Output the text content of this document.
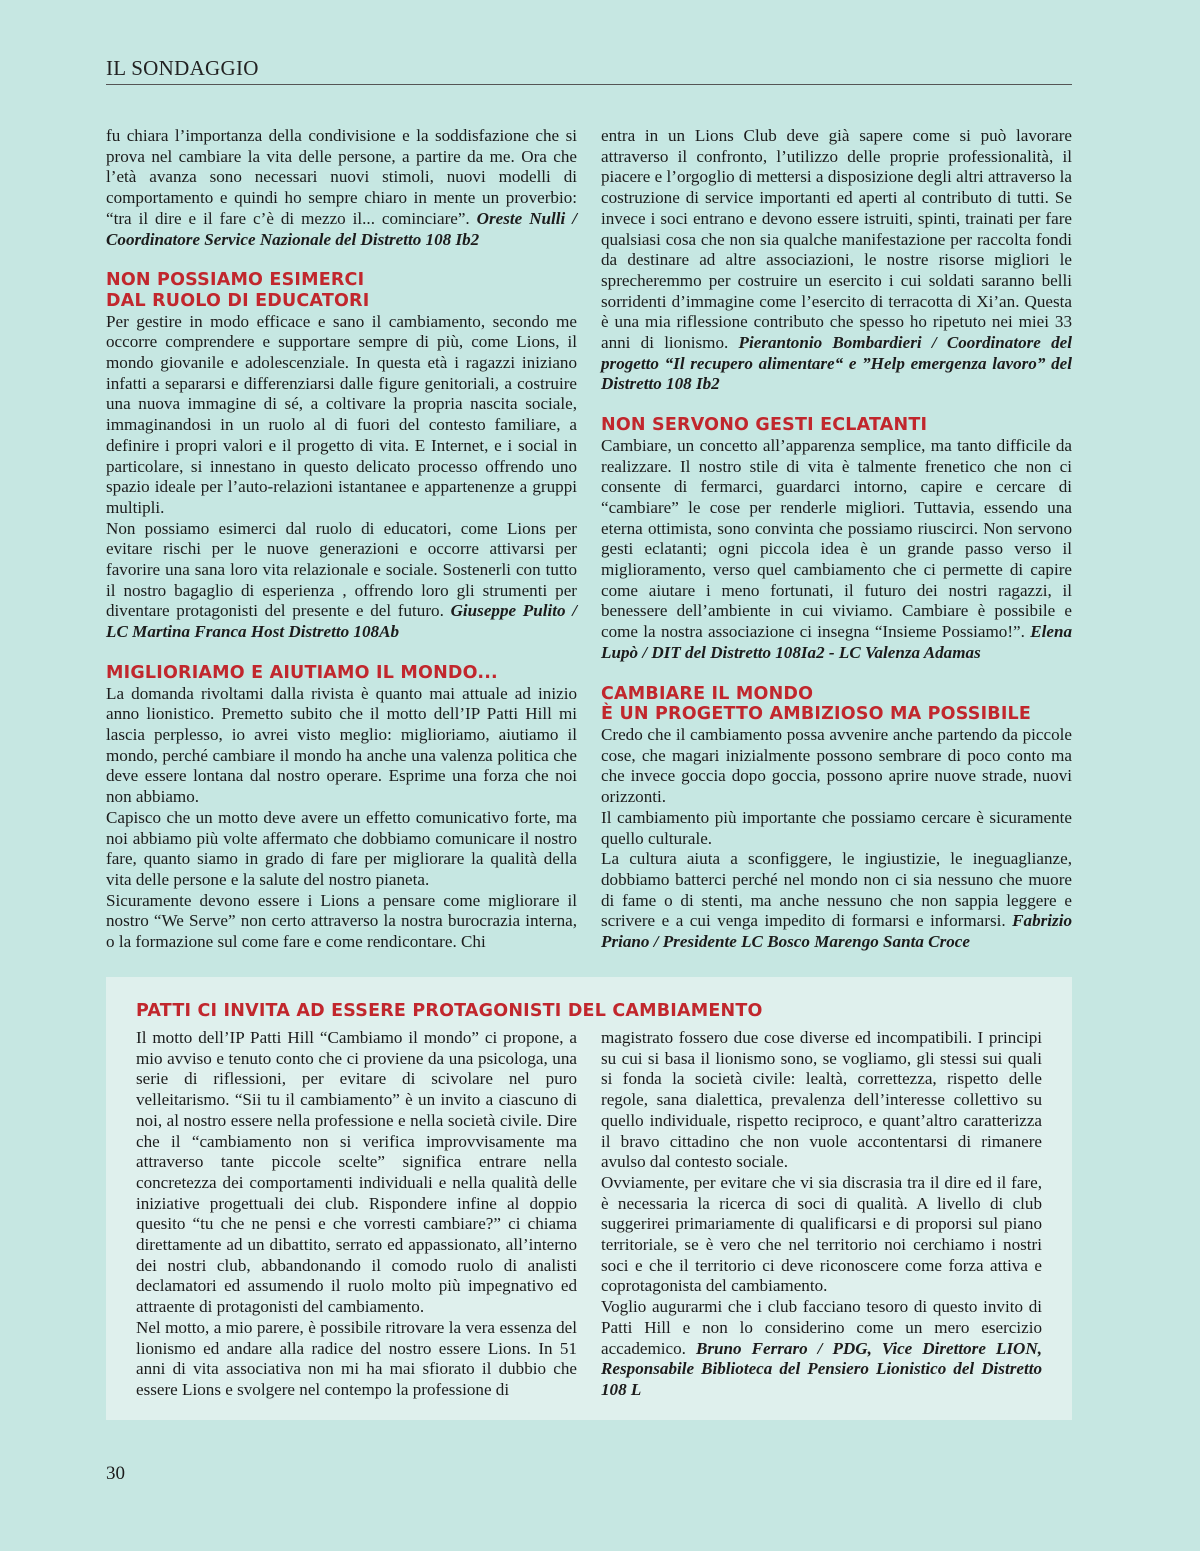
IL SONDAGGIO

fu chiara l’importanza della condivisione e la soddisfazione che si prova nel cambiare la vita delle persone, a partire da me. Ora che l’età avanza sono necessari nuovi stimoli, nuovi modelli di comportamento e quindi ho sempre chiaro in mente un proverbio: “tra il dire e il fare c’è di mezzo il... cominciare”. Oreste Nulli / Coordinatore Service Nazionale del Distretto 108 Ib2

NON POSSIAMO ESIMERCI
DAL RUOLO DI EDUCATORI

Per gestire in modo efficace e sano il cambiamento, secondo me occorre comprendere e supportare sempre di più, come Lions, il mondo giovanile e adolescenziale. In questa età i ragazzi iniziano infatti a separarsi e differenziarsi dalle figure genitoriali, a costruire una nuova immagine di sé, a coltivare la propria nascita sociale, immaginandosi in un ruolo al di fuori del contesto familiare, a definire i propri valori e il progetto di vita. E Internet, e i social in particolare, si innestano in questo delicato processo offrendo uno spazio ideale per l’auto-relazioni istantanee e appartenenze a gruppi multipli.

Non possiamo esimerci dal ruolo di educatori, come Lions per evitare rischi per le nuove generazioni e occorre attivarsi per favorire una sana loro vita relazionale e sociale. Sostenerli con tutto il nostro bagaglio di esperienza , offrendo loro gli strumenti per diventare protagonisti del presente e del futuro. Giuseppe Pulito / LC Martina Franca Host Distretto 108Ab

MIGLIORIAMO E AIUTIAMO IL MONDO...

La domanda rivoltami dalla rivista è quanto mai attuale ad inizio anno lionistico. Premetto subito che il motto dell’IP Patti Hill mi lascia perplesso, io avrei visto meglio: miglioriamo, aiutiamo il mondo, perché cambiare il mondo ha anche una valenza politica che deve essere lontana dal nostro operare. Esprime una forza che noi non abbiamo.

Capisco che un motto deve avere un effetto comunicativo forte, ma noi abbiamo più volte affermato che dobbiamo comunicare il nostro fare, quanto siamo in grado di fare per migliorare la qualità della vita delle persone e la salute del nostro pianeta.

Sicuramente devono essere i Lions a pensare come migliorare il nostro “We Serve” non certo attraverso la nostra burocrazia interna, o la formazione sul come fare e come rendicontare. Chi

entra in un Lions Club deve già sapere come si può lavorare attraverso il confronto, l’utilizzo delle proprie professionalità, il piacere e l’orgoglio di mettersi a disposizione degli altri attraverso la costruzione di service importanti ed aperti al contributo di tutti. Se invece i soci entrano e devono essere istruiti, spinti, trainati per fare qualsiasi cosa che non sia qualche manifestazione per raccolta fondi da destinare ad altre associazioni, le nostre risorse migliori le sprecheremmo per costruire un esercito i cui soldati saranno belli sorridenti d’immagine come l’esercito di terracotta di Xi’an. Questa è una mia riflessione contributo che spesso ho ripetuto nei miei 33 anni di lionismo. Pierantonio Bombardieri / Coordinatore del progetto “Il recupero alimentare“ e ”Help emergenza lavoro” del Distretto 108 Ib2

NON SERVONO GESTI ECLATANTI

Cambiare, un concetto all’apparenza semplice, ma tanto difficile da realizzare. Il nostro stile di vita è talmente frenetico che non ci consente di fermarci, guardarci intorno, capire e cercare di “cambiare” le cose per renderle migliori. Tuttavia, essendo una eterna ottimista, sono convinta che possiamo riuscirci. Non servono gesti eclatanti; ogni piccola idea è un grande passo verso il miglioramento, verso quel cambiamento che ci permette di capire come aiutare i meno fortunati, il futuro dei nostri ragazzi, il benessere dell’ambiente in cui viviamo. Cambiare è possibile e come la nostra associazione ci insegna “Insieme Possiamo!”. Elena Lupò / DIT del Distretto 108Ia2 - LC Valenza Adamas

CAMBIARE IL MONDO
È UN PROGETTO AMBIZIOSO MA POSSIBILE

Credo che il cambiamento possa avvenire anche partendo da piccole cose, che magari inizialmente possono sembrare di poco conto ma che invece goccia dopo goccia, possono aprire nuove strade, nuovi orizzonti.

Il cambiamento più importante che possiamo cercare è sicuramente quello culturale.

La cultura aiuta a sconfiggere, le ingiustizie, le ineguaglianze, dobbiamo batterci perché nel mondo non ci sia nessuno che muore di fame o di stenti, ma anche nessuno che non sappia leggere e scrivere e a cui venga impedito di formarsi e informarsi. Fabrizio Priano / Presidente LC Bosco Marengo Santa Croce

PATTI CI INVITA AD ESSERE PROTAGONISTI DEL CAMBIAMENTO

Il motto dell’IP Patti Hill “Cambiamo il mondo” ci propone, a mio avviso e tenuto conto che ci proviene da una psicologa, una serie di riflessioni, per evitare di scivolare nel puro velleitarismo. “Sii tu il cambiamento” è un invito a ciascuno di noi, al nostro essere nella professione e nella società civile. Dire che il “cambiamento non si verifica improvvisamente ma attraverso tante piccole scelte” significa entrare nella concretezza dei comportamenti individuali e nella qualità delle iniziative progettuali dei club. Rispondere infine al doppio quesito “tu che ne pensi e che vorresti cambiare?” ci chiama direttamente ad un dibattito, serrato ed appassionato, all’interno dei nostri club, abbandonando il comodo ruolo di analisti declamatori ed assumendo il ruolo molto più impegnativo ed attraente di protagonisti del cambiamento.

Nel motto, a mio parere, è possibile ritrovare la vera essenza del lionismo ed andare alla radice del nostro essere Lions. In 51 anni di vita associativa non mi ha mai sfiorato il dubbio che essere Lions e svolgere nel contempo la professione di

magistrato fossero due cose diverse ed incompatibili. I principi su cui si basa il lionismo sono, se vogliamo, gli stessi sui quali si fonda la società civile: lealtà, correttezza, rispetto delle regole, sana dialettica, prevalenza dell’interesse collettivo su quello individuale, rispetto reciproco, e quant’altro caratterizza il bravo cittadino che non vuole accontentarsi di rimanere avulso dal contesto sociale.

Ovviamente, per evitare che vi sia discrasia tra il dire ed il fare, è necessaria la ricerca di soci di qualità. A livello di club suggerirei primariamente di qualificarsi e di proporsi sul piano territoriale, se è vero che nel territorio noi cerchiamo i nostri soci e che il territorio ci deve riconoscere come forza attiva e coprotagonista del cambiamento.

Voglio augurarmi che i club facciano tesoro di questo invito di Patti Hill e non lo considerino come un mero esercizio accademico. Bruno Ferraro / PDG, Vice Direttore LION, Responsabile Biblioteca del Pensiero Lionistico del Distretto 108 L

30
